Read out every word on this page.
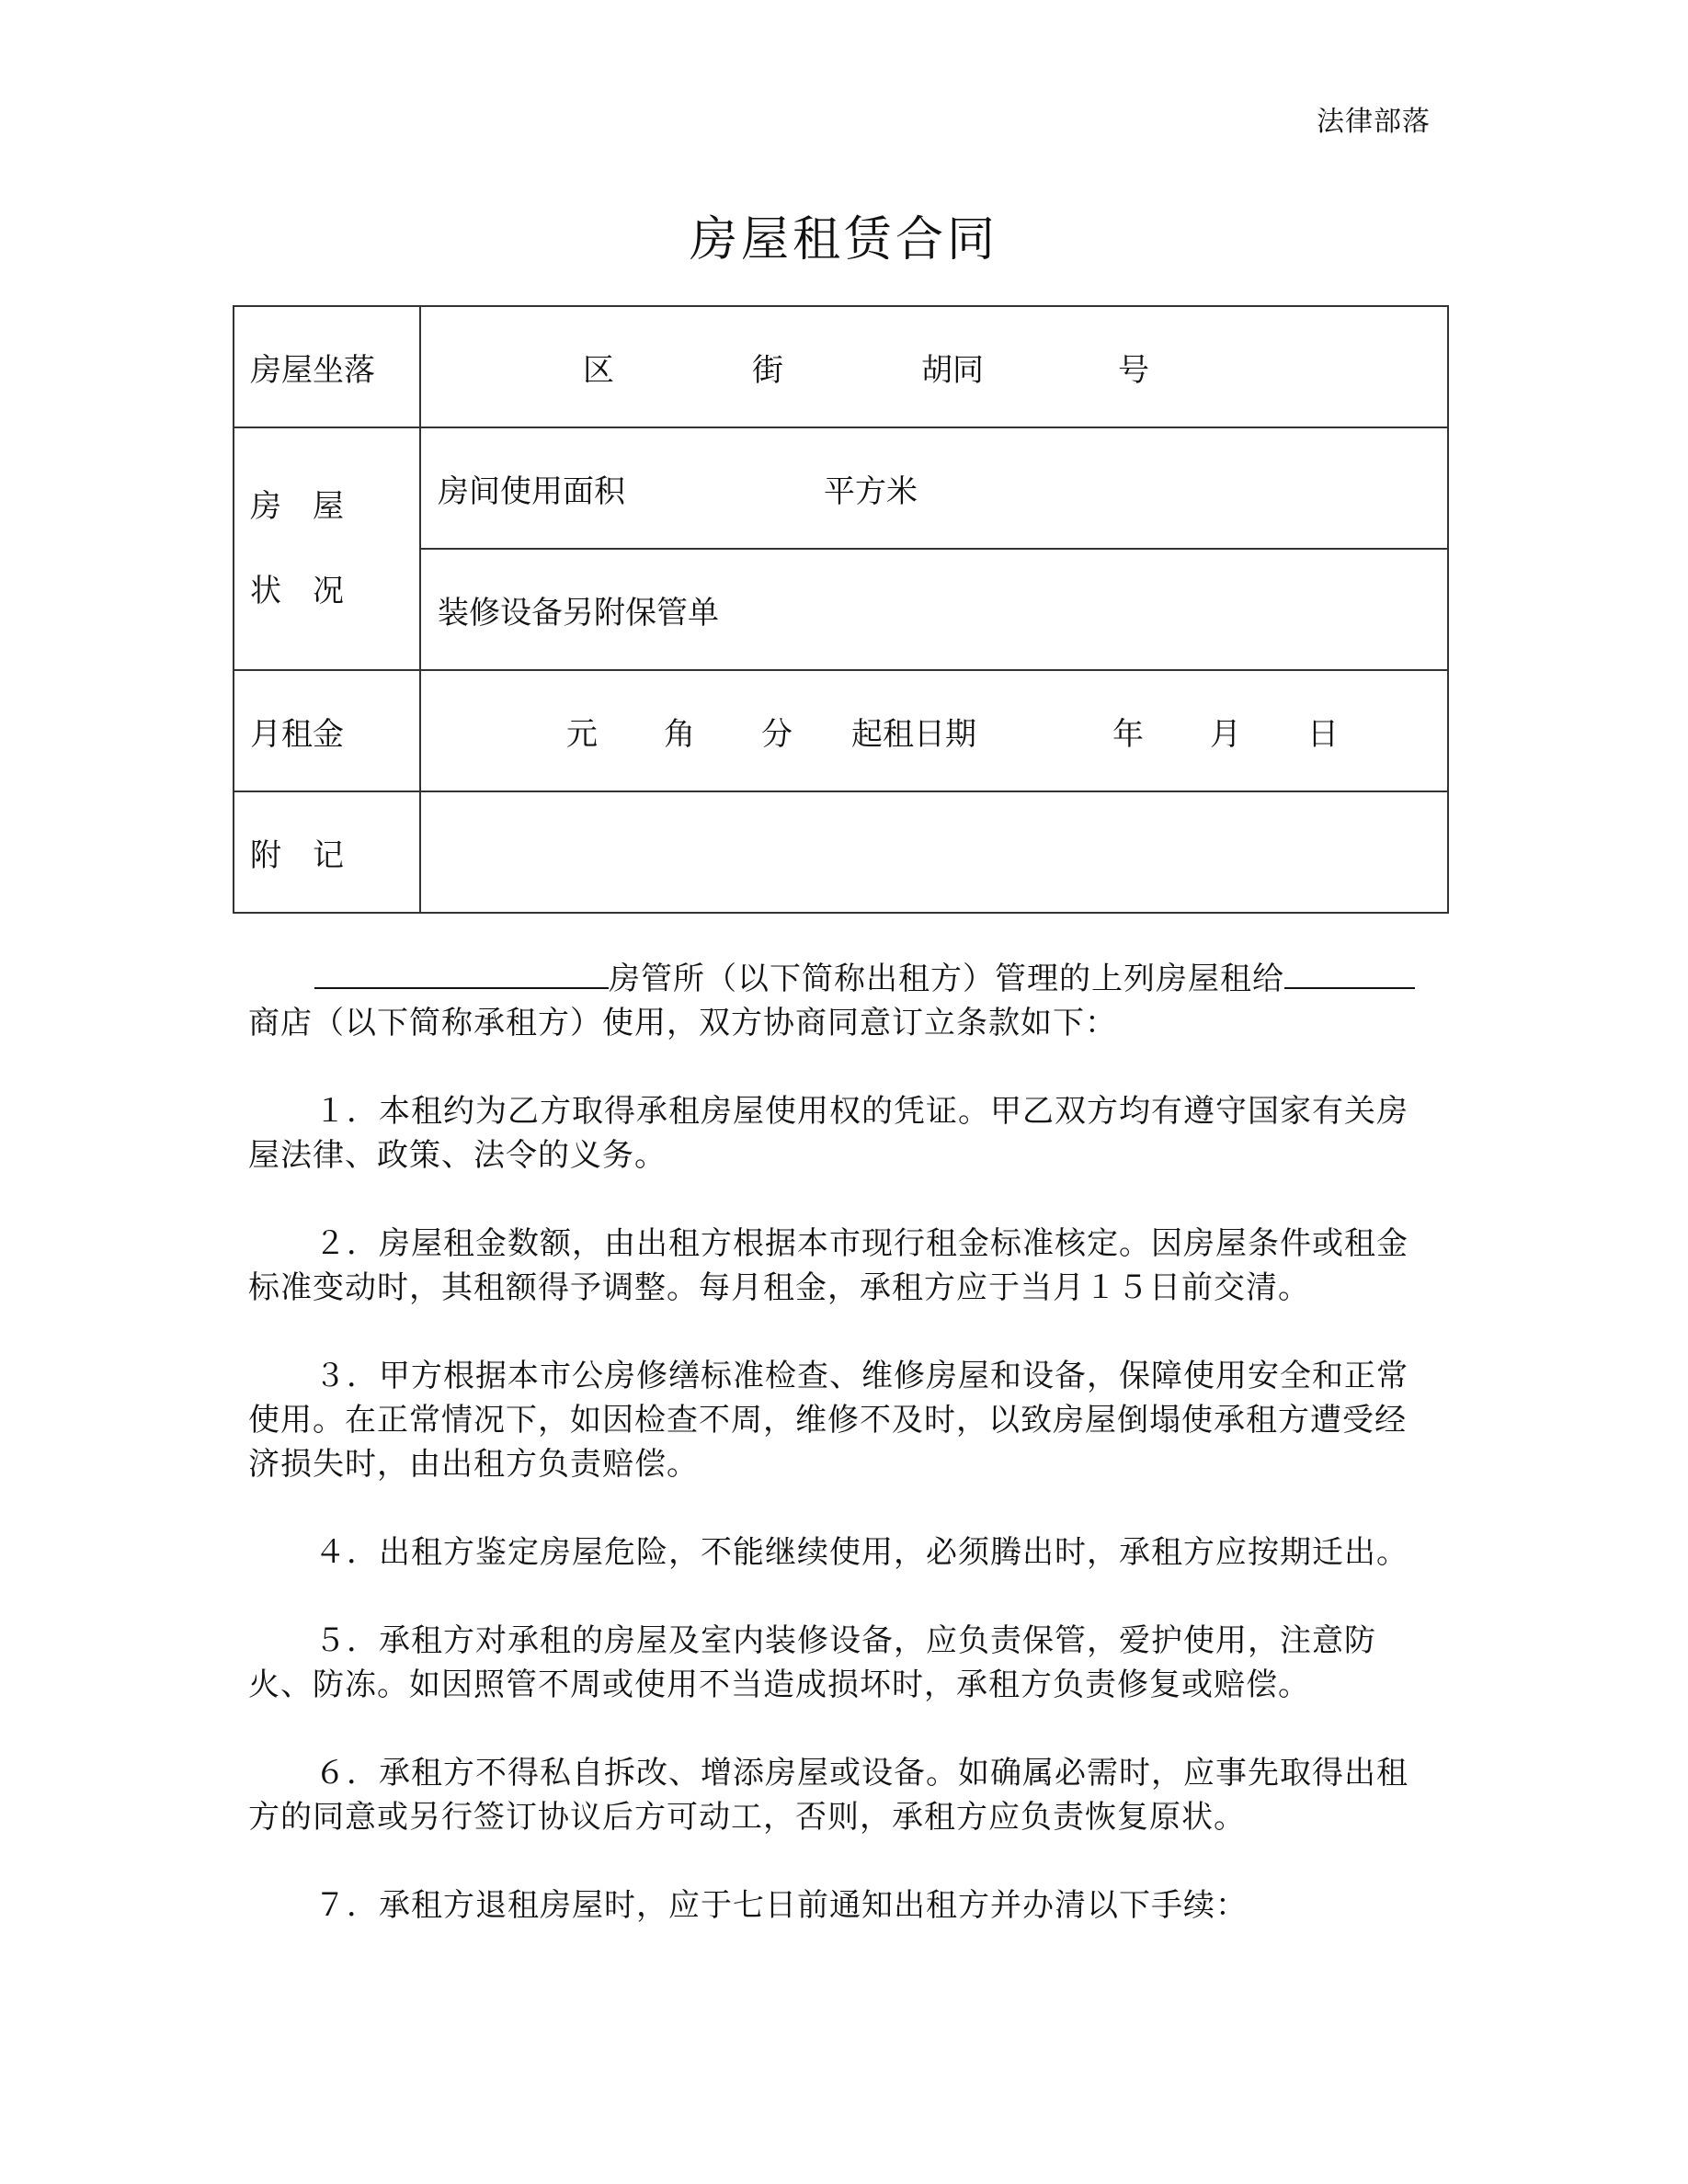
法律部落
房屋租赁合同
房屋坐落	区 街 胡同 号

房　屋
状　况	房间使用面积 平方米
	装修设备另附保管单
月租金	元 角 分 起租日期 年 月 日
附　记	

房管所（以下简称出租方）管理的上列房屋租给
商店（以下简称承租方）使用，双方协商同意订立条款如下：

１．本租约为乙方取得承租房屋使用权的凭证。甲乙双方均有遵守国家有关房屋法律、政策、法令的义务。

２．房屋租金数额，由出租方根据本市现行租金标准核定。因房屋条件或租金标准变动时，其租额得予调整。每月租金，承租方应于当月１５日前交清。

３．甲方根据本市公房修缮标准检查、维修房屋和设备，保障使用安全和正常使用。在正常情况下，如因检查不周，维修不及时，以致房屋倒塌使承租方遭受经济损失时，由出租方负责赔偿。

４．出租方鉴定房屋危险，不能继续使用，必须腾出时，承租方应按期迁出。

５．承租方对承租的房屋及室内装修设备，应负责保管，爱护使用，注意防火、防冻。如因照管不周或使用不当造成损坏时，承租方负责修复或赔偿。

６．承租方不得私自拆改、增添房屋或设备。如确属必需时，应事先取得出租方的同意或另行签订协议后方可动工，否则，承租方应负责恢复原状。

７．承租方退租房屋时，应于七日前通知出租方并办清以下手续：
